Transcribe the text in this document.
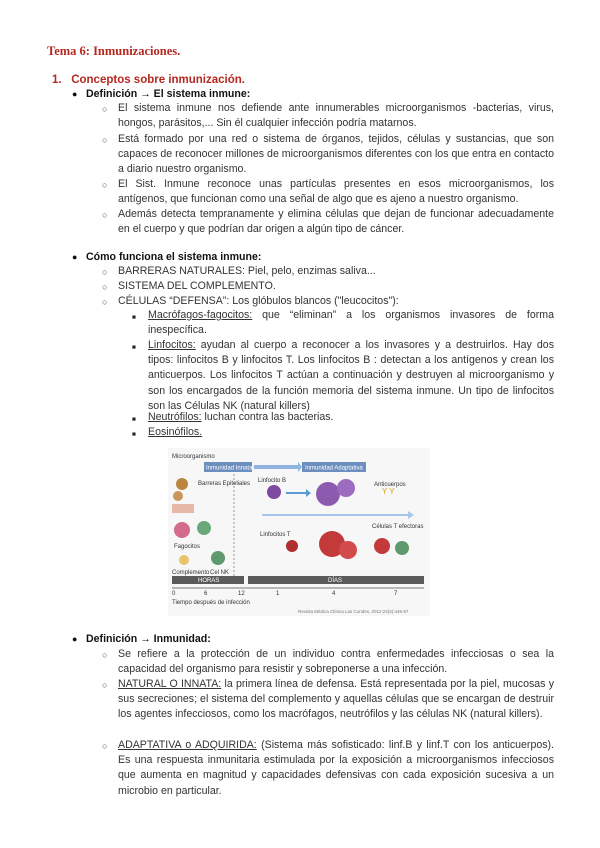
Tema 6: Inmunizaciones.
1. Conceptos sobre inmunización.
● Definición → El sistema inmune:
○ El sistema inmune nos defiende ante innumerables microorganismos -bacterias, virus, hongos, parásitos,... Sin él cualquier infección podría matarnos.
○ Está formado por una red o sistema de órganos, tejidos, células y sustancias, que son capaces de reconocer millones de microorganismos diferentes con los que entra en contacto a diario nuestro organismo.
○ El Sist. Inmune reconoce unas partículas presentes en esos microorganismos, los antígenos, que funcionan como una señal de algo que es ajeno a nuestro organismo.
○ Además detecta tempranamente y elimina células que dejan de funcionar adecuadamente en el cuerpo y que podrían dar origen a algún tipo de cáncer.
● Cómo funciona el sistema inmune:
○ BARRERAS NATURALES: Piel, pelo, enzimas saliva...
○ SISTEMA DEL COMPLEMENTO.
○ CÉLULAS “DEFENSA”: Los glóbulos blancos ("leucocitos"):
■ Macrófagos-fagocitos: que “eliminan” a los organismos invasores de forma inespecífica.
■ Linfocitos: ayudan al cuerpo a reconocer a los invasores y a destruirlos. Hay dos tipos: linfocitos B y linfocitos T. Los linfocitos B : detectan a los antígenos y crean los anticuerpos. Los linfocitos T actúan a continuación y destruyen al microorganismo y son los encargados de la función memoria del sistema inmune. Un tipo de linfocitos son las Células NK (natural killers)
■ Neutrófilos: luchan contra las bacterias.
■ Eosinófilos.
Microorganismo
Inmunidad Innata	Inmunidad Adaptativa
Barreras Epiteliales
Fagocitos
Complemento Cel NK
Linfocito B
Anticuerpos
Y Y
Linfocitos T
Células T efectoras
HORAS	DÍAS
0	6	12	1	4	7
Tiempo después de infección
Revista Médica Clínica Las Condes, 2012;23(4):446-57
● Definición → Inmunidad:
○ Se refiere a la protección de un individuo contra enfermedades infecciosas o sea la capacidad del organismo para resistir y sobreponerse a una infección.
○ NATURAL O INNATA: la primera línea de defensa. Está representada por la piel, mucosas y sus secreciones; el sistema del complemento y aquellas células que se encargan de destruir los agentes infecciosos, como los macrófagos, neutrófilos y las células NK (natural killers).
○ ADAPTATIVA o ADQUIRIDA: (Sistema más sofisticado: linf.B y linf.T con los anticuerpos). Es una respuesta inmunitaria estimulada por la exposición a microorganismos infecciosos que aumenta en magnitud y capacidades defensivas con cada exposición sucesiva a un microbio en particular.
